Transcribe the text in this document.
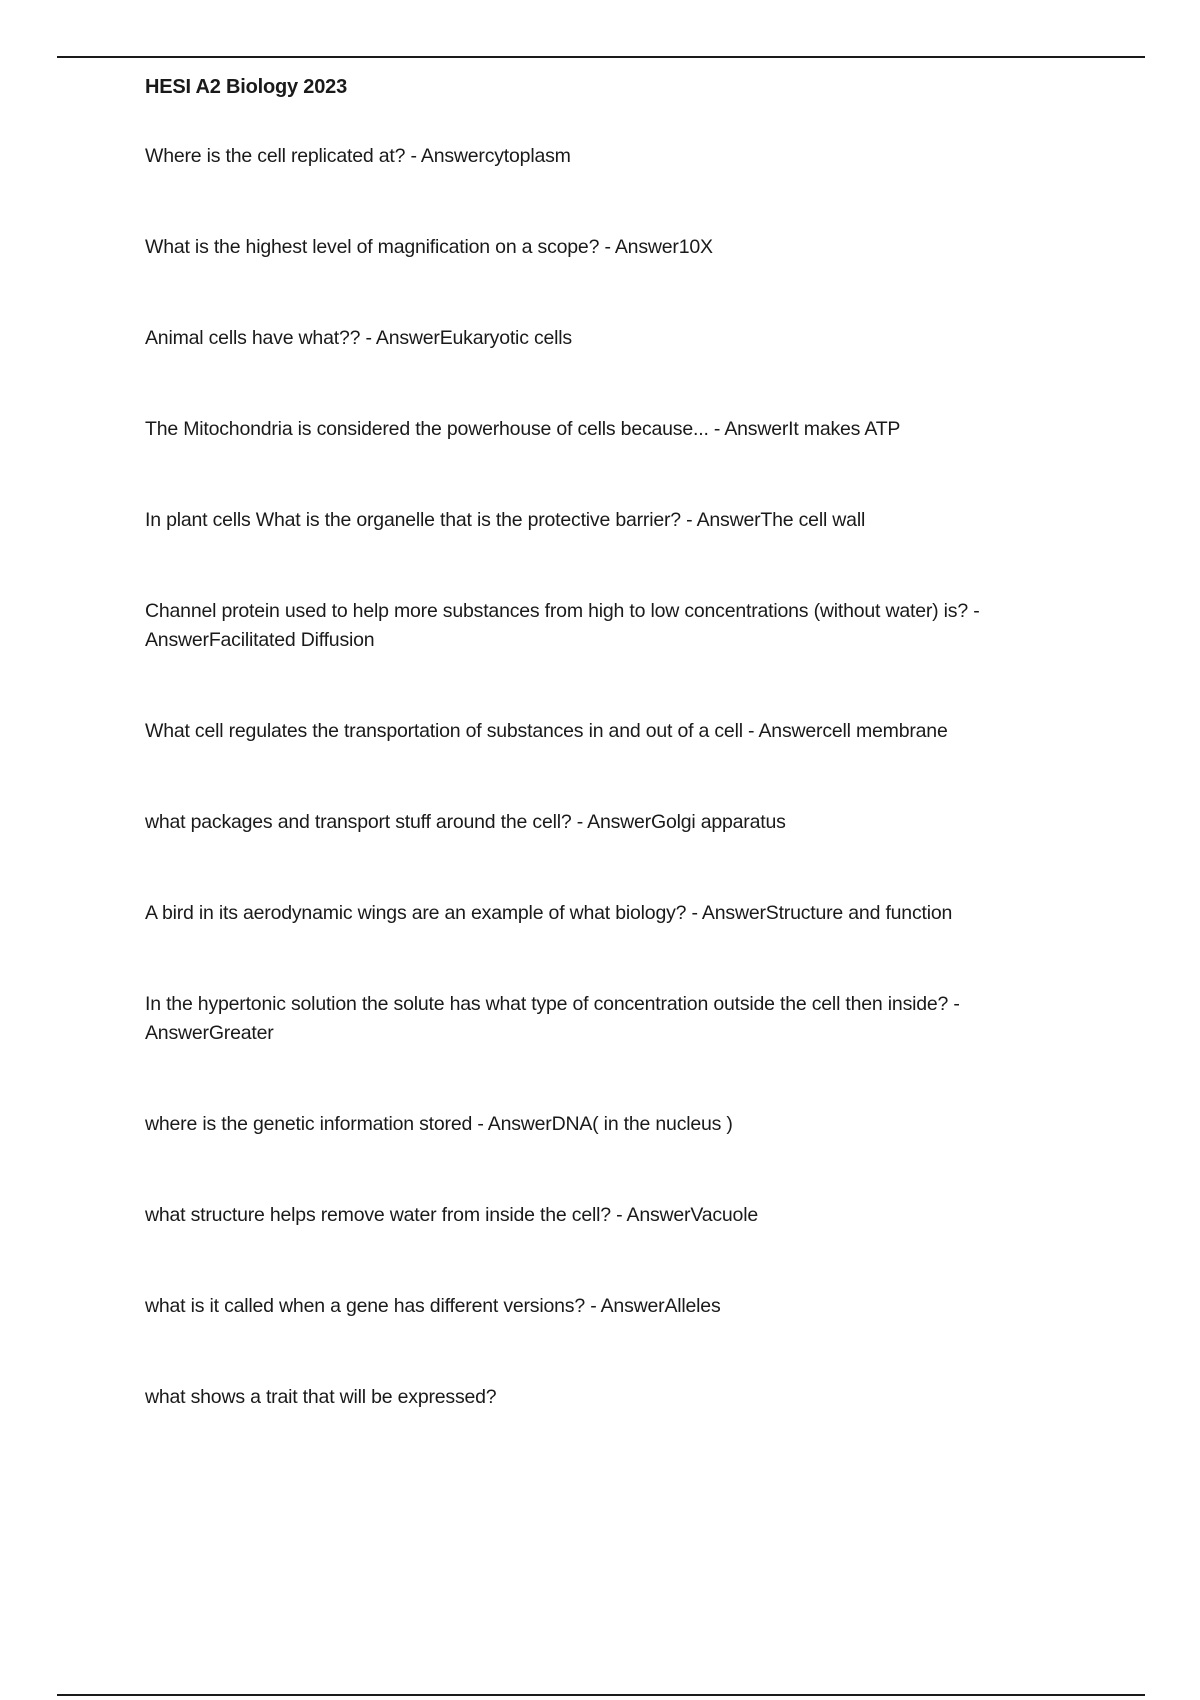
HESI A2 Biology 2023
Where is the cell replicated at? - Answercytoplasm
What is the highest level of magnification on a scope? - Answer10X
Animal cells have what?? - AnswerEukaryotic cells
The Mitochondria is considered the powerhouse of cells because... - AnswerIt makes ATP
In plant cells What is the organelle that is the protective barrier? - AnswerThe cell wall
Channel protein used to help more substances from high to low concentrations (without water) is? - AnswerFacilitated Diffusion
What cell regulates the transportation of substances in and out of a cell - Answercell membrane
what packages and transport stuff around the cell? - AnswerGolgi apparatus
A bird in its aerodynamic wings are an example of what biology? - AnswerStructure and function
In the hypertonic solution the solute has what type of concentration outside the cell then inside? - AnswerGreater
where is the genetic information stored - AnswerDNA( in the nucleus )
what structure helps remove water from inside the cell? - AnswerVacuole
what is it called when a gene has different versions? - AnswerAlleles
what shows a trait that will be expressed?
